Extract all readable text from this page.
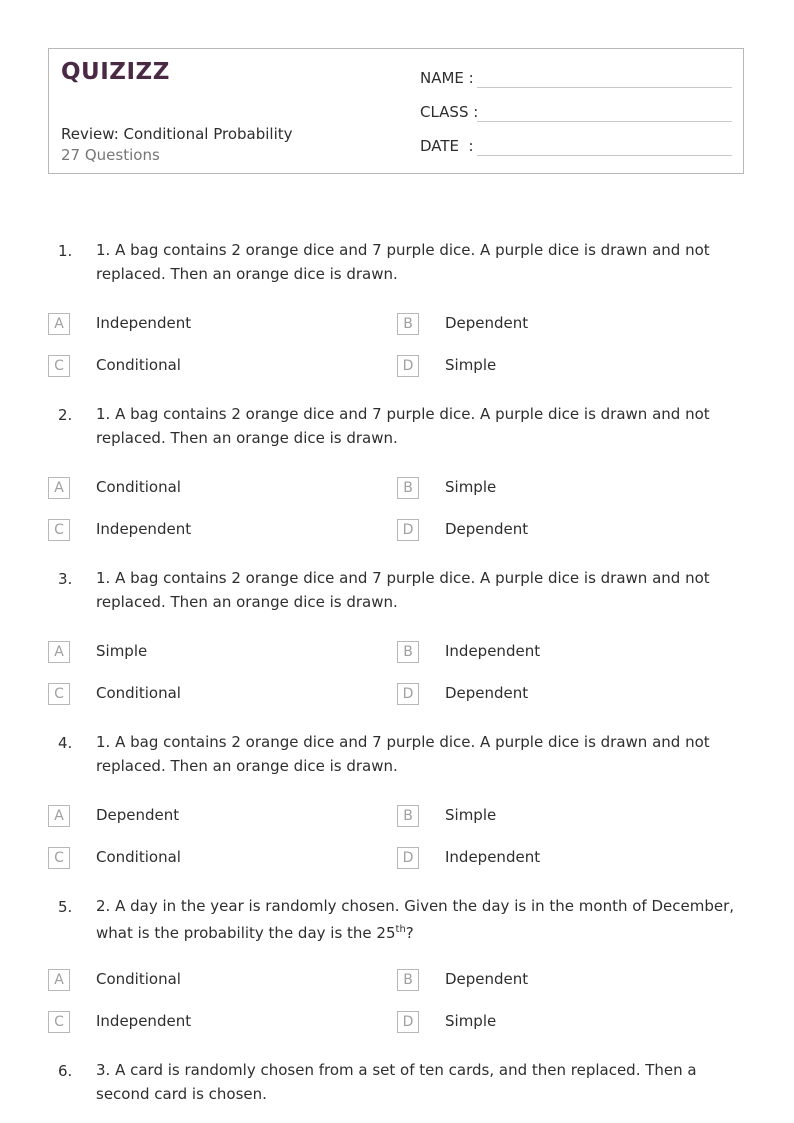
QUIZIZZ
Review: Conditional Probability
27 Questions
NAME :
CLASS :
DATE  :
1. 1. A bag contains 2 orange dice and 7 purple dice. A purple dice is drawn and not replaced. Then an orange dice is drawn.
A	Independent	B	Dependent
C	Conditional	D	Simple
2. 1. A bag contains 2 orange dice and 7 purple dice. A purple dice is drawn and not replaced. Then an orange dice is drawn.
A	Conditional	B	Simple
C	Independent	D	Dependent
3. 1. A bag contains 2 orange dice and 7 purple dice. A purple dice is drawn and not replaced. Then an orange dice is drawn.
A	Simple	B	Independent
C	Conditional	D	Dependent
4. 1. A bag contains 2 orange dice and 7 purple dice. A purple dice is drawn and not replaced. Then an orange dice is drawn.
A	Dependent	B	Simple
C	Conditional	D	Independent
5. 2. A day in the year is randomly chosen. Given the day is in the month of December, what is the probability the day is the 25th?
A	Conditional	B	Dependent
C	Independent	D	Simple
6. 3. A card is randomly chosen from a set of ten cards, and then replaced. Then a second card is chosen.
